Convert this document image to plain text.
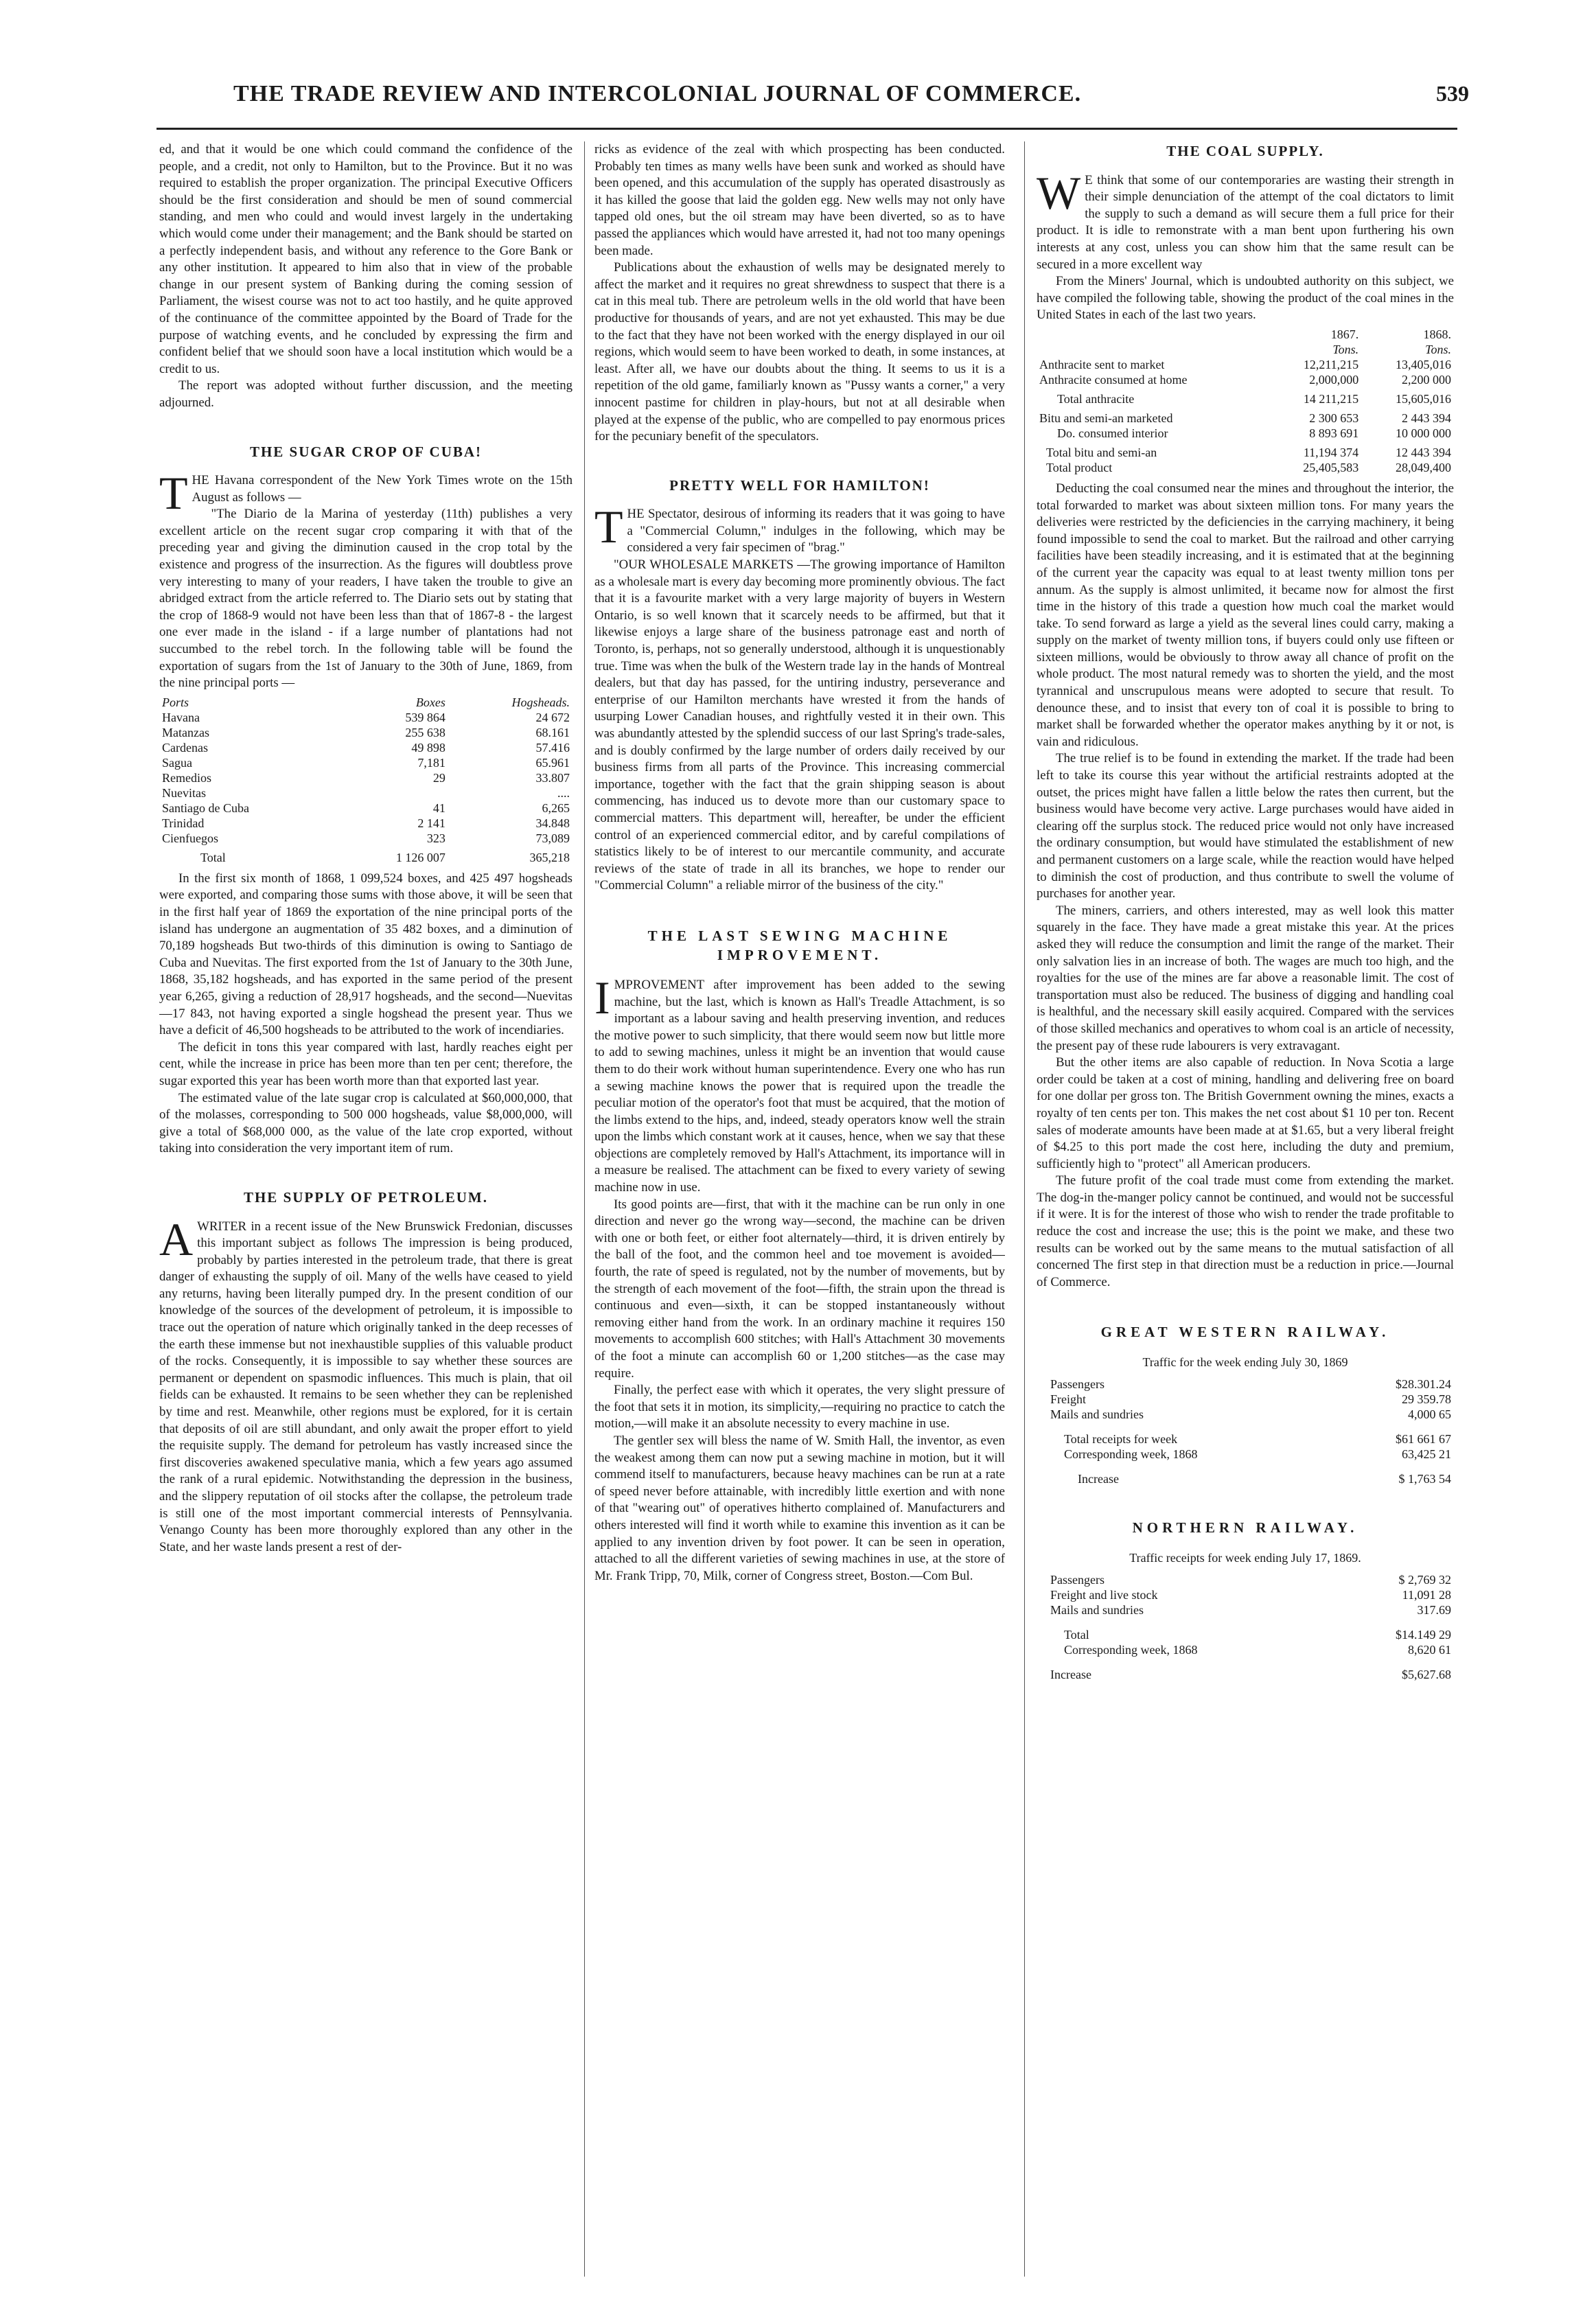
THE TRADE REVIEW AND INTERCOLONIAL JOURNAL OF COMMERCE.	539

ed, and that it would be one which could command the confidence of the people, and a credit, not only to Hamilton, but to the Province. But it no was required to establish the proper organization. The principal Executive Officers should be the first consideration and should be men of sound commercial standing, and men who could and would invest largely in the undertaking which would come under their management; and the Bank should be started on a perfectly independent basis, and without any reference to the Gore Bank or any other institution. It appeared to him also that in view of the probable change in our present system of Banking during the coming session of Parliament, the wisest course was not to act too hastily, and he quite approved of the continuance of the committee appointed by the Board of Trade for the purpose of watching events, and he concluded by expressing the firm and confident belief that we should soon have a local institution which would be a credit to us.

The report was adopted without further discussion, and the meeting adjourned.

THE SUGAR CROP OF CUBA!

THE Havana correspondent of the New York Times wrote on the 15th August as follows —

"The Diario de la Marina of yesterday (11th) publishes a very excellent article on the recent sugar crop comparing it with that of the preceding year and giving the diminution caused in the crop total by the existence and progress of the insurrection. As the figures will doubtless prove very interesting to many of your readers, I have taken the trouble to give an abridged extract from the article referred to. The Diario sets out by stating that the crop of 1868-9 would not have been less than that of 1867-8 - the largest one ever made in the island - if a large number of plantations had not succumbed to the rebel torch. In the following table will be found the exportation of sugars from the 1st of January to the 30th of June, 1869, from the nine principal ports —

Ports	Boxes	Hogsheads.
Havana	539 864	24 672
Matanzas	255 638	68.161
Cardenas	49 898	57.416
Sagua	7,181	65.961
Remedios	29	33.807
Nuevitas		....
Santiago de Cuba	41	6,265
Trinidad	2 141	34.848
Cienfuegos	323	73,089
Total	1 126 007	365,218

In the first six month of 1868, 1 099,524 boxes, and 425 497 hogsheads were exported, and comparing those sums with those above, it will be seen that in the first half year of 1869 the exportation of the nine principal ports of the island has undergone an augmentation of 35 482 boxes, and a diminution of 70,189 hogsheads But two-thirds of this diminution is owing to Santiago de Cuba and Nuevitas. The first exported from the 1st of January to the 30th June, 1868, 35,182 hogsheads, and has exported in the same period of the present year 6,265, giving a reduction of 28,917 hogsheads, and the second—Nuevitas—17 843, not having exported a single hogshead the present year. Thus we have a deficit of 46,500 hogsheads to be attributed to the work of incendiaries.

The deficit in tons this year compared with last, hardly reaches eight per cent, while the increase in price has been more than ten per cent; therefore, the sugar exported this year has been worth more than that exported last year.

The estimated value of the late sugar crop is calculated at $60,000,000, that of the molasses, corresponding to 500 000 hogsheads, value $8,000,000, will give a total of $68,000 000, as the value of the late crop exported, without taking into consideration the very important item of rum.

THE SUPPLY OF PETROLEUM.

AWRITER in a recent issue of the New Brunswick Fredonian, discusses this important subject as follows The impression is being produced, probably by parties interested in the petroleum trade, that there is great danger of exhausting the supply of oil. Many of the wells have ceased to yield any returns, having been literally pumped dry. In the present condition of our knowledge of the sources of the development of petroleum, it is impossible to trace out the operation of nature which originally tanked in the deep recesses of the earth these immense but not inexhaustible supplies of this valuable product of the rocks. Consequently, it is impossible to say whether these sources are permanent or dependent on spasmodic influences. This much is plain, that oil fields can be exhausted. It remains to be seen whether they can be replenished by time and rest. Meanwhile, other regions must be explored, for it is certain that deposits of oil are still abundant, and only await the proper effort to yield the requisite supply. The demand for petroleum has vastly increased since the first discoveries awakened speculative mania, which a few years ago assumed the rank of a rural epidemic. Notwithstanding the depression in the business, and the slippery reputation of oil stocks after the collapse, the petroleum trade is still one of the most important commercial interests of Pennsylvania. Venango County has been more thoroughly explored than any other in the State, and her waste lands present a rest of der-

ricks as evidence of the zeal with which prospecting has been conducted. Probably ten times as many wells have been sunk and worked as should have been opened, and this accumulation of the supply has operated disastrously as it has killed the goose that laid the golden egg. New wells may not only have tapped old ones, but the oil stream may have been diverted, so as to have passed the appliances which would have arrested it, had not too many openings been made.

Publications about the exhaustion of wells may be designated merely to affect the market and it requires no great shrewdness to suspect that there is a cat in this meal tub. There are petroleum wells in the old world that have been productive for thousands of years, and are not yet exhausted. This may be due to the fact that they have not been worked with the energy displayed in our oil regions, which would seem to have been worked to death, in some instances, at least. After all, we have our doubts about the thing. It seems to us it is a repetition of the old game, familiarly known as "Pussy wants a corner," a very innocent pastime for children in play-hours, but not at all desirable when played at the expense of the public, who are compelled to pay enormous prices for the pecuniary benefit of the speculators.

PRETTY WELL FOR HAMILTON!

THE Spectator, desirous of informing its readers that it was going to have a "Commercial Column," indulges in the following, which may be considered a very fair specimen of "brag."

"OUR WHOLESALE MARKETS —The growing importance of Hamilton as a wholesale mart is every day becoming more prominently obvious. The fact that it is a favourite market with a very large majority of buyers in Western Ontario, is so well known that it scarcely needs to be affirmed, but that it likewise enjoys a large share of the business patronage east and north of Toronto, is, perhaps, not so generally understood, although it is unquestionably true. Time was when the bulk of the Western trade lay in the hands of Montreal dealers, but that day has passed, for the untiring industry, perseverance and enterprise of our Hamilton merchants have wrested it from the hands of usurping Lower Canadian houses, and rightfully vested it in their own. This was abundantly attested by the splendid success of our last Spring's trade-sales, and is doubly confirmed by the large number of orders daily received by our business firms from all parts of the Province. This increasing commercial importance, together with the fact that the grain shipping season is about commencing, has induced us to devote more than our customary space to commercial matters. This department will, hereafter, be under the efficient control of an experienced commercial editor, and by careful compilations of statistics likely to be of interest to our mercantile community, and accurate reviews of the state of trade in all its branches, we hope to render our "Commercial Column" a reliable mirror of the business of the city."

THE LAST SEWING MACHINE IMPROVEMENT.

IMPROVEMENT after improvement has been added to the sewing machine, but the last, which is known as Hall's Treadle Attachment, is so important as a labour saving and health preserving invention, and reduces the motive power to such simplicity, that there would seem now but little more to add to sewing machines, unless it might be an invention that would cause them to do their work without human superintendence. Every one who has run a sewing machine knows the power that is required upon the treadle the peculiar motion of the operator's foot that must be acquired, that the motion of the limbs extend to the hips, and, indeed, steady operators know well the strain upon the limbs which constant work at it causes, hence, when we say that these objections are completely removed by Hall's Attachment, its importance will in a measure be realised. The attachment can be fixed to every variety of sewing machine now in use.

Its good points are—first, that with it the machine can be run only in one direction and never go the wrong way—second, the machine can be driven with one or both feet, or either foot alternately—third, it is driven entirely by the ball of the foot, and the common heel and toe movement is avoided—fourth, the rate of speed is regulated, not by the number of movements, but by the strength of each movement of the foot—fifth, the strain upon the thread is continuous and even—sixth, it can be stopped instantaneously without removing either hand from the work. In an ordinary machine it requires 150 movements to accomplish 600 stitches; with Hall's Attachment 30 movements of the foot a minute can accomplish 60 or 1,200 stitches—as the case may require.

Finally, the perfect ease with which it operates, the very slight pressure of the foot that sets it in motion, its simplicity,—requiring no practice to catch the motion,—will make it an absolute necessity to every machine in use.

The gentler sex will bless the name of W. Smith Hall, the inventor, as even the weakest among them can now put a sewing machine in motion, but it will commend itself to manufacturers, because heavy machines can be run at a rate of speed never before attainable, with incredibly little exertion and with none of that "wearing out" of operatives hitherto complained of. Manufacturers and others interested will find it worth while to examine this invention as it can be applied to any invention driven by foot power. It can be seen in operation, attached to all the different varieties of sewing machines in use, at the store of Mr. Frank Tripp, 70, Milk, corner of Congress street, Boston.—Com Bul.

THE COAL SUPPLY.

WE think that some of our contemporaries are wasting their strength in their simple denunciation of the attempt of the coal dictators to limit the supply to such a demand as will secure them a full price for their product. It is idle to remonstrate with a man bent upon furthering his own interests at any cost, unless you can show him that the same result can be secured in a more excellent way

From the Miners' Journal, which is undoubted authority on this subject, we have compiled the following table, showing the product of the coal mines in the United States in each of the last two years.

	1867.	1868.
	Tons.	Tons.
Anthracite sent to market	12,211,215	13,405,016
Anthracite consumed at home	2,000,000	2,200 000
Total anthracite	14 211,215	15,605,016
Bitu and semi-an marketed	2 300 653	2 443 394
Do. consumed interior	8 893 691	10 000 000
Total bitu and semi-an	11,194 374	12 443 394
Total product	25,405,583	28,049,400

Deducting the coal consumed near the mines and throughout the interior, the total forwarded to market was about sixteen million tons. For many years the deliveries were restricted by the deficiencies in the carrying machinery, it being found impossible to send the coal to market. But the railroad and other carrying facilities have been steadily increasing, and it is estimated that at the beginning of the current year the capacity was equal to at least twenty million tons per annum. As the supply is almost unlimited, it became now for almost the first time in the history of this trade a question how much coal the market would take. To send forward as large a yield as the several lines could carry, making a supply on the market of twenty million tons, if buyers could only use fifteen or sixteen millions, would be obviously to throw away all chance of profit on the whole product. The most natural remedy was to shorten the yield, and the most tyrannical and unscrupulous means were adopted to secure that result. To denounce these, and to insist that every ton of coal it is possible to bring to market shall be forwarded whether the operator makes anything by it or not, is vain and ridiculous.

The true relief is to be found in extending the market. If the trade had been left to take its course this year without the artificial restraints adopted at the outset, the prices might have fallen a little below the rates then current, but the business would have become very active. Large purchases would have aided in clearing off the surplus stock. The reduced price would not only have increased the ordinary consumption, but would have stimulated the establishment of new and permanent customers on a large scale, while the reaction would have helped to diminish the cost of production, and thus contribute to swell the volume of purchases for another year.

The miners, carriers, and others interested, may as well look this matter squarely in the face. They have made a great mistake this year. At the prices asked they will reduce the consumption and limit the range of the market. Their only salvation lies in an increase of both. The wages are much too high, and the royalties for the use of the mines are far above a reasonable limit. The cost of transportation must also be reduced. The business of digging and handling coal is healthful, and the necessary skill easily acquired. Compared with the services of those skilled mechanics and operatives to whom coal is an article of necessity, the present pay of these rude labourers is very extravagant.

But the other items are also capable of reduction. In Nova Scotia a large order could be taken at a cost of mining, handling and delivering free on board for one dollar per gross ton. The British Government owning the mines, exacts a royalty of ten cents per ton. This makes the net cost about $1 10 per ton. Recent sales of moderate amounts have been made at at $1.65, but a very liberal freight of $4.25 to this port made the cost here, including the duty and premium, sufficiently high to "protect" all American producers.

The future profit of the coal trade must come from extending the market. The dog-in the-manger policy cannot be continued, and would not be successful if it were. It is for the interest of those who wish to render the trade profitable to reduce the cost and increase the use; this is the point we make, and these two results can be worked out by the same means to the mutual satisfaction of all concerned The first step in that direction must be a reduction in price.—Journal of Commerce.

GREAT WESTERN RAILWAY.
Traffic for the week ending July 30, 1869
Passengers	$28.301.24
Freight	29 359.78
Mails and sundries	4,000 65

Total receipts for week	$61 661 67
Corresponding week, 1868	63,425 21

Increase	$ 1,763 54
NORTHERN RAILWAY.
Traffic receipts for week ending July 17, 1869.
Passengers	$ 2,769 32
Freight and live stock	11,091 28
Mails and sundries	317.69

Total	$14.149 29
Corresponding week, 1868	8,620 61

Increase	$5,627.68
